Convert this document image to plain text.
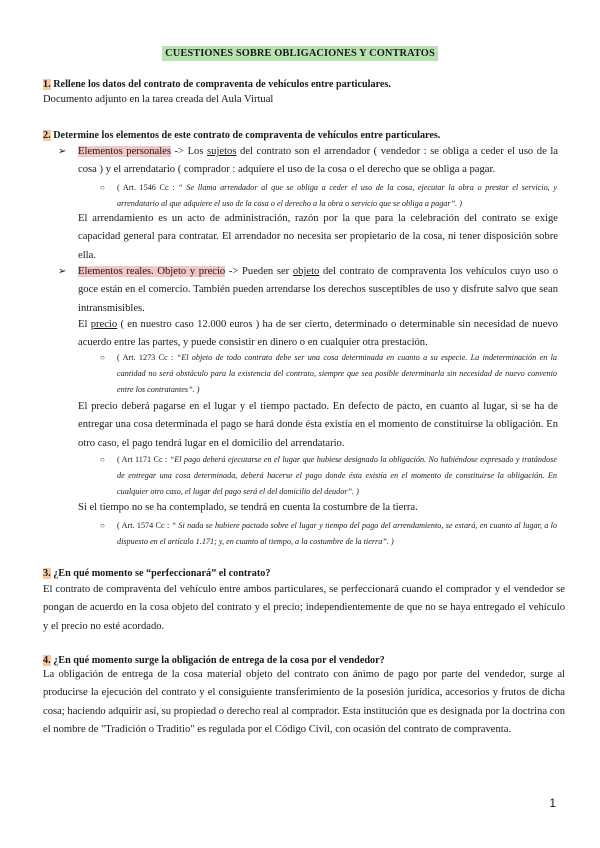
CUESTIONES SOBRE OBLIGACIONES Y CONTRATOS
1. Rellene los datos del contrato de compraventa de vehículos entre particulares.
Documento adjunto en la tarea creada del Aula Virtual
2. Determine los elementos de este contrato de compraventa de vehículos entre particulares.
➢ Elementos personales -> Los sujetos del contrato son el arrendador ( vendedor : se obliga a ceder el uso de la cosa ) y el arrendatario ( comprador : adquiere el uso de la cosa o el derecho que se obliga a pagar.
○ ( Art. 1546 Cc : “ Se llama arrendador al que se obliga a ceder el uso de la cosa, ejecutar la obra o prestar el servicio, y arrendatario al que adquiere el uso de la cosa o el derecho a la obra o servicio que se obliga a pagar”. )
El arrendamiento es un acto de administración, razón por la que para la celebración del contrato se exige capacidad general para contratar. El arrendador no necesita ser propietario de la cosa, ni tener disposición sobre ella.
➢ Elementos reales. Objeto y precio -> Pueden ser objeto del contrato de compraventa los vehículos cuyo uso o goce están en el comercio. También pueden arrendarse los derechos susceptibles de uso y disfrute salvo que sean intransmisibles.
El precio ( en nuestro caso 12.000 euros ) ha de ser cierto, determinado o determinable sin necesidad de nuevo acuerdo entre las partes, y puede consistir en dinero o en cualquier otra prestación.
○ ( Art. 1273 Cc : “El objeto de todo contrato debe ser una cosa determinada en cuanto a su especie. La indeterminación en la cantidad no será obstáculo para la existencia del contrato, siempre que sea posible determinarla sin necesidad de nuevo convenio entre los contratantes”. )
El precio deberá pagarse en el lugar y el tiempo pactado. En defecto de pacto, en cuanto al lugar, si se ha de entregar una cosa determinada el pago se hará donde ésta existía en el momento de constituirse la obligación. En otro caso, el pago tendrá lugar en el domicilio del arrendatario.
○ ( Art 1171 Cc : “El pago deberá ejecutarse en el lugar que hubiese designado la obligación. No habiéndose expresado y tratándose de entregar una cosa determinada, deberá hacerse el pago donde ésta existía en el momento de constituirse la obligación. En cualquier otro caso, el lugar del pago será el del domicilio del deudor”. )
Si el tiempo no se ha contemplado, se tendrá en cuenta la costumbre de la tierra.
○ ( Art. 1574 Cc : “ Si nada se hubiere pactado sobre el lugar y tiempo del pago del arrendamiento, se estará, en cuanto al lugar, a lo dispuesto en el artículo 1.171; y, en cuanto al tiempo, a la costumbre de la tierra”. )
3. ¿En qué momento se “perfeccionará” el contrato?
El contrato de compraventa del vehículo entre ambos particulares, se perfeccionará cuando el comprador y el vendedor se pongan de acuerdo en la cosa objeto del contrato y el precio; independientemente de que no se haya entregado el vehículo y el precio no esté acordado.
4. ¿En qué momento surge la obligación de entrega de la cosa por el vendedor?
La obligación de entrega de la cosa material objeto del contrato con ánimo de pago por parte del vendedor, surge al producirse la ejecución del contrato y el consiguiente transferimiento de la posesión jurídica, accesorios y frutos de dicha cosa; haciendo adquirir así, su propiedad o derecho real al comprador. Esta institución que es designada por la doctrina con el nombre de "Tradición o Traditio" es regulada por el Código Civil, con ocasión del contrato de compraventa.
1
